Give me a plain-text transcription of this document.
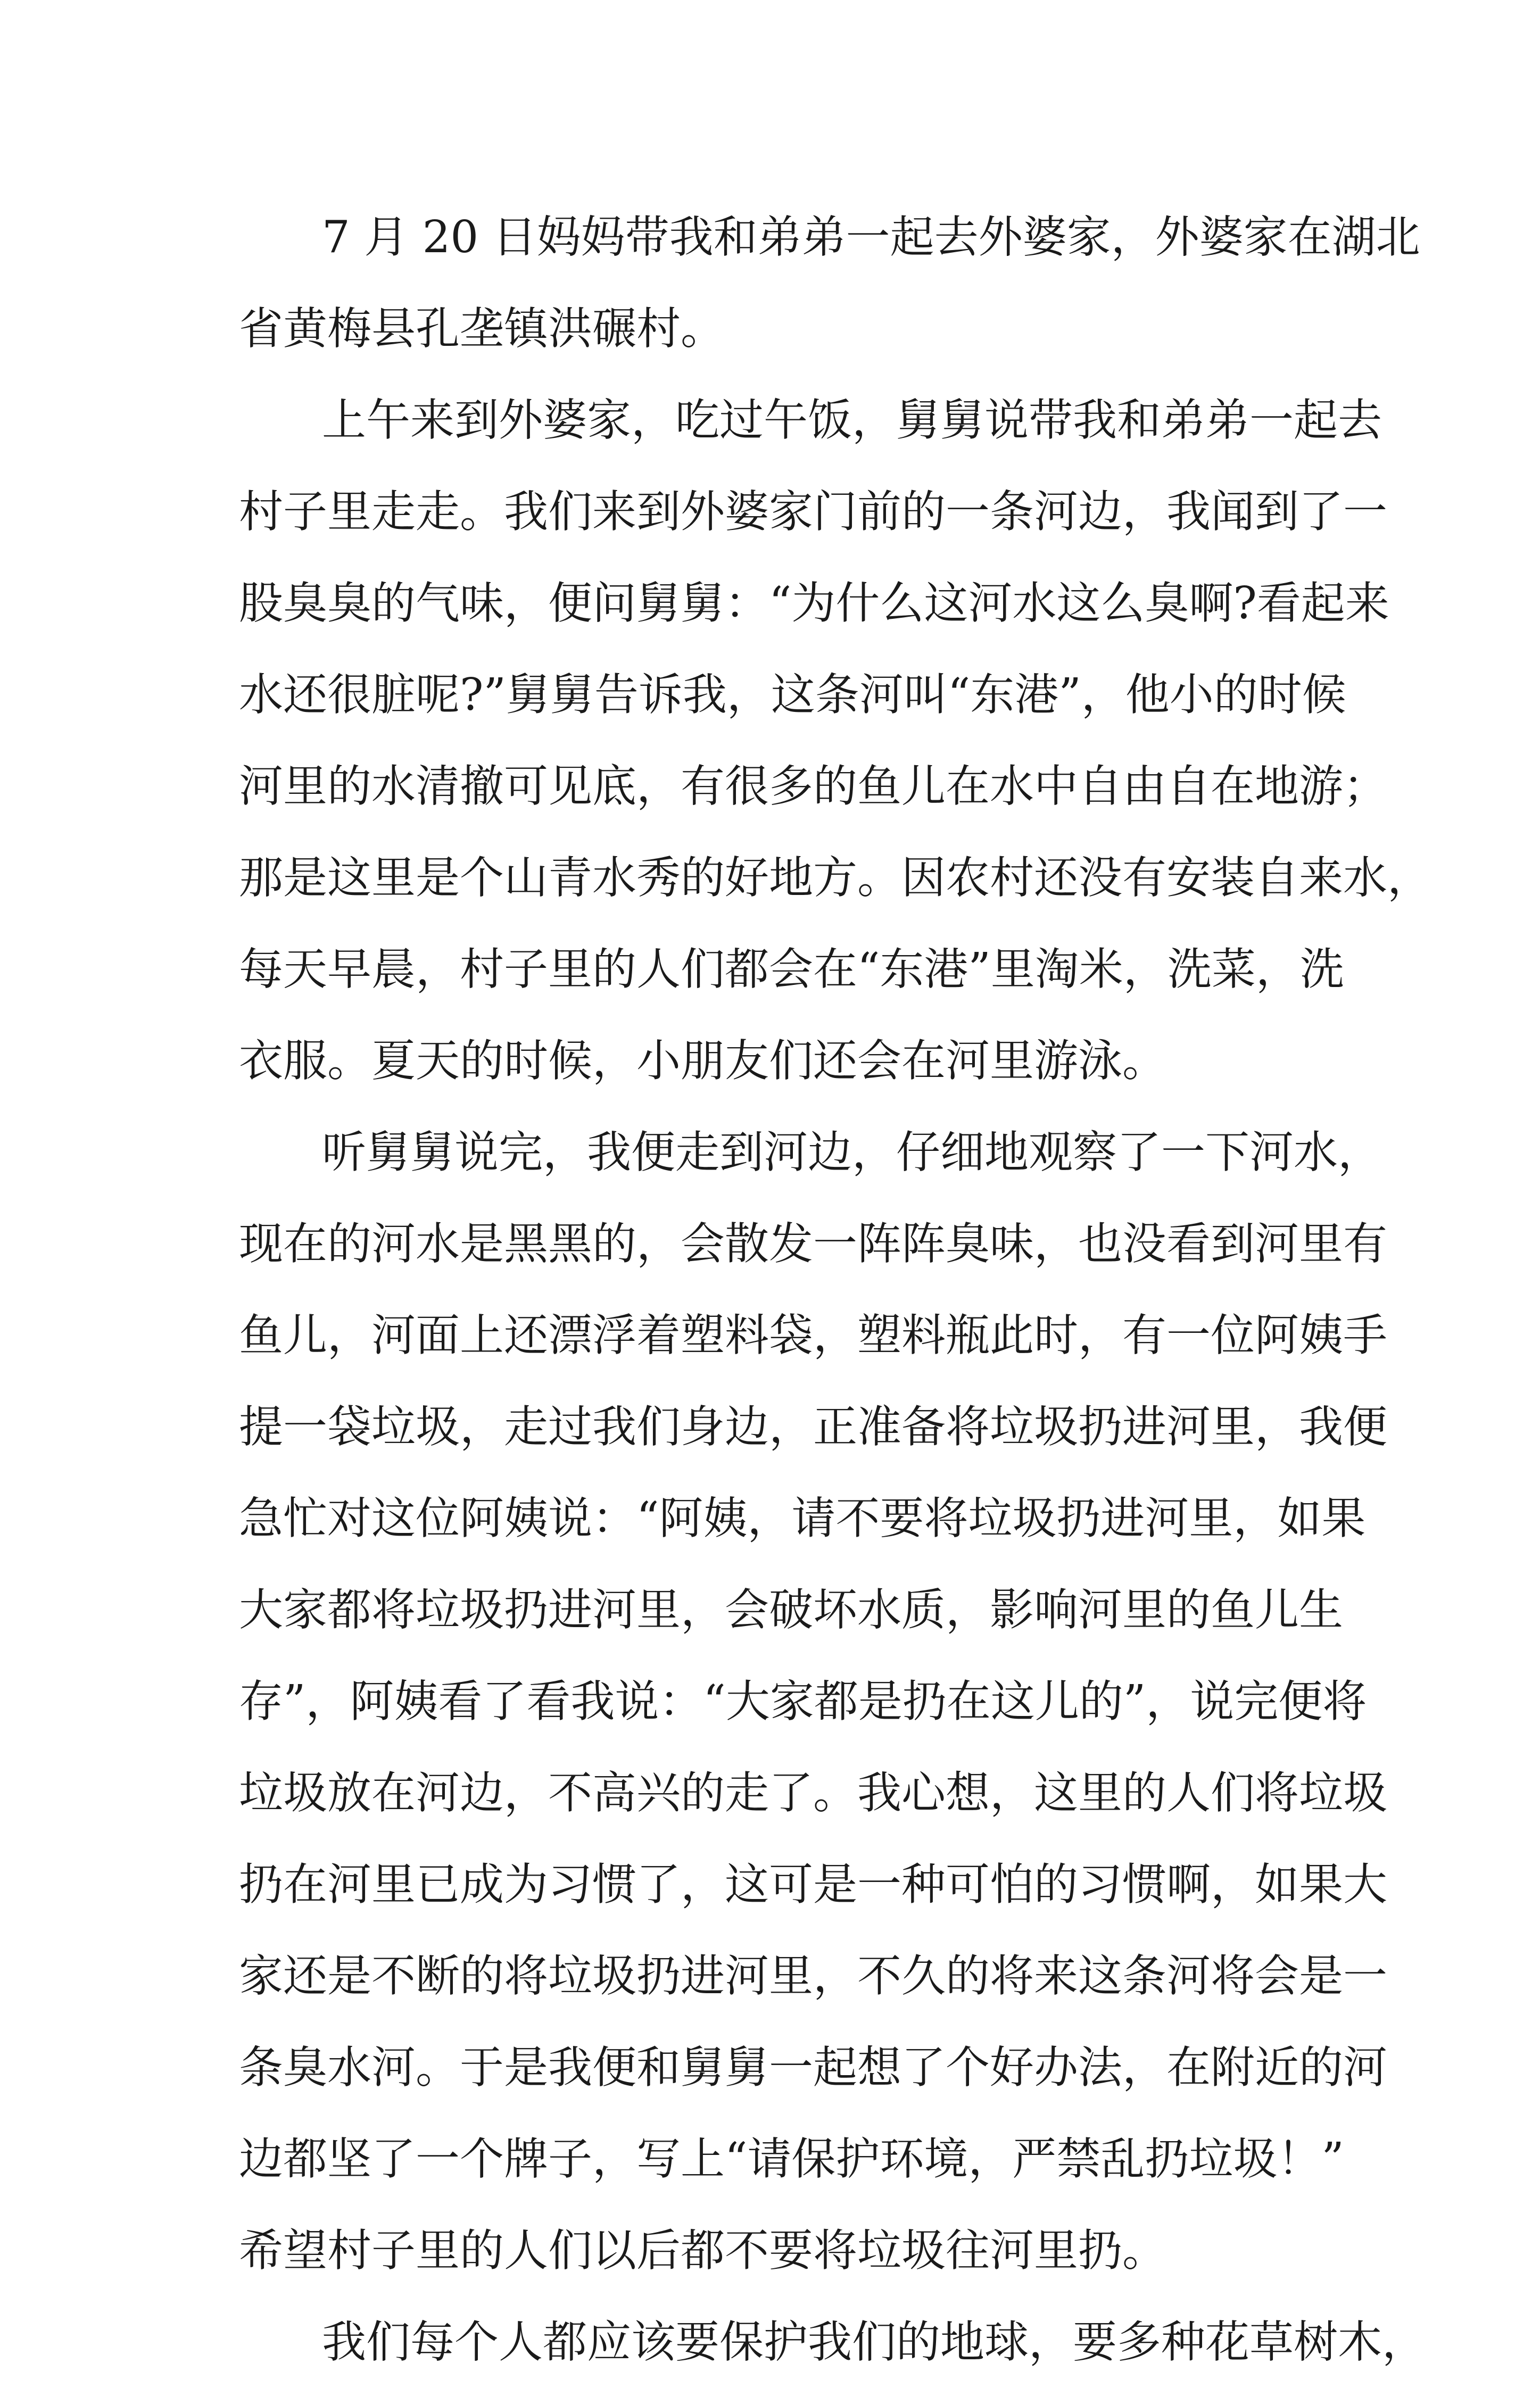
7 月 20 日妈妈带我和弟弟一起去外婆家，外婆家在湖北
省黄梅县孔垄镇洪碾村。
上午来到外婆家，吃过午饭，舅舅说带我和弟弟一起去
村子里走走。我们来到外婆家门前的一条河边，我闻到了一
股臭臭的气味，便问舅舅：“为什么这河水这么臭啊?看起来
水还很脏呢?”舅舅告诉我，这条河叫“东港”，他小的时候
河里的水清撤可见底，有很多的鱼儿在水中自由自在地游；
那是这里是个山青水秀的好地方。因农村还没有安装自来水，
每天早晨，村子里的人们都会在“东港”里淘米，洗菜，洗
衣服。夏天的时候，小朋友们还会在河里游泳。
听舅舅说完，我便走到河边，仔细地观察了一下河水，
现在的河水是黑黑的，会散发一阵阵臭味，也没看到河里有
鱼儿，河面上还漂浮着塑料袋，塑料瓶此时，有一位阿姨手
提一袋垃圾，走过我们身边，正准备将垃圾扔进河里，我便
急忙对这位阿姨说：“阿姨，请不要将垃圾扔进河里，如果
大家都将垃圾扔进河里，会破坏水质，影响河里的鱼儿生
存”，阿姨看了看我说：“大家都是扔在这儿的”，说完便将
垃圾放在河边，不高兴的走了。我心想，这里的人们将垃圾
扔在河里已成为习惯了，这可是一种可怕的习惯啊，如果大
家还是不断的将垃圾扔进河里，不久的将来这条河将会是一
条臭水河。于是我便和舅舅一起想了个好办法，在附近的河
边都坚了一个牌子，写上“请保护环境，严禁乱扔垃圾！”
希望村子里的人们以后都不要将垃圾往河里扔。
我们每个人都应该要保护我们的地球，要多种花草树木，
